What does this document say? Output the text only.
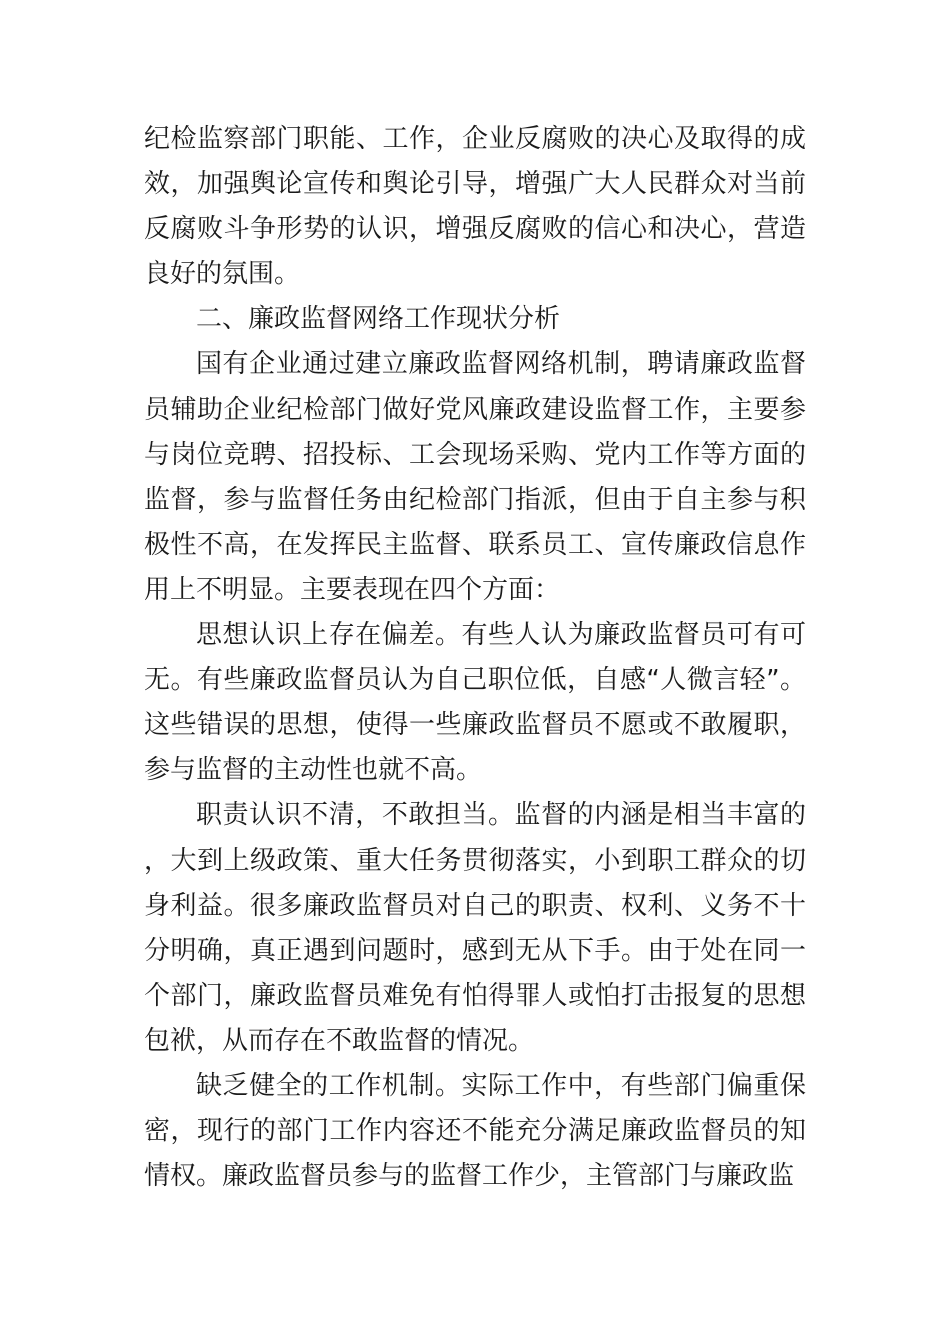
纪检监察部门职能、工作，企业反腐败的决心及取得的成效，加强舆论宣传和舆论引导，增强广大人民群众对当前反腐败斗争形势的认识，增强反腐败的信心和决心，营造良好的氛围。

二、廉政监督网络工作现状分析

国有企业通过建立廉政监督网络机制，聘请廉政监督员辅助企业纪检部门做好党风廉政建设监督工作，主要参与岗位竞聘、招投标、工会现场采购、党内工作等方面的监督，参与监督任务由纪检部门指派，但由于自主参与积极性不高，在发挥民主监督、联系员工、宣传廉政信息作用上不明显。主要表现在四个方面：

思想认识上存在偏差。有些人认为廉政监督员可有可无。有些廉政监督员认为自己职位低，自感“人微言轻”。这些错误的思想，使得一些廉政监督员不愿或不敢履职，参与监督的主动性也就不高。

职责认识不清，不敢担当。监督的内涵是相当丰富的，大到上级政策、重大任务贯彻落实，小到职工群众的切身利益。很多廉政监督员对自己的职责、权利、义务不十分明确，真正遇到问题时，感到无从下手。由于处在同一个部门，廉政监督员难免有怕得罪人或怕打击报复的思想包袱，从而存在不敢监督的情况。

缺乏健全的工作机制。实际工作中，有些部门偏重保密，现行的部门工作内容还不能充分满足廉政监督员的知情权。廉政监督员参与的监督工作少，主管部门与廉政监
